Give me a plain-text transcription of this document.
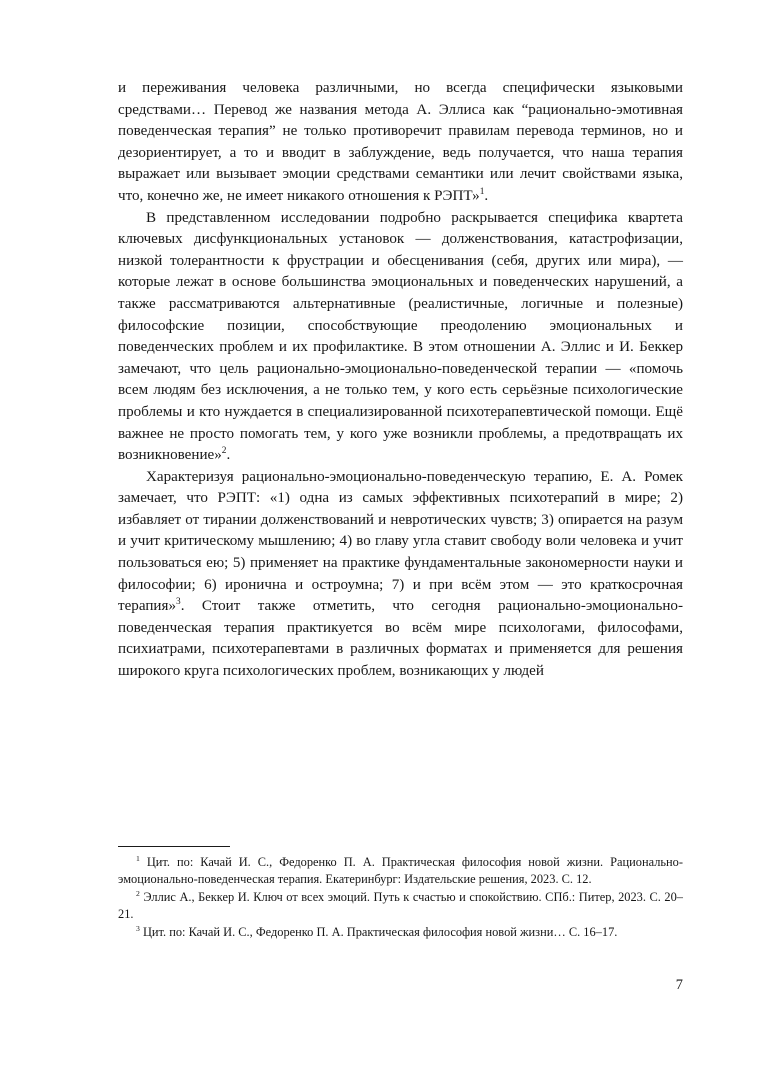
и переживания человека различными, но всегда специфически языковыми средствами… Перевод же названия метода А. Эллиса как “рационально-эмотивная поведенческая терапия” не только противоречит правилам перевода терминов, но и дезориентирует, а то и вводит в заблуждение, ведь получается, что наша терапия выражает или вызывает эмоции средствами семантики или лечит свойствами языка, что, конечно же, не имеет никакого отношения к РЭПТ»$^1$.

В представленном исследовании подробно раскрывается специфика квартета ключевых дисфункциональных установок — долженствования, катастрофизации, низкой толерантности к фрустрации и обесценивания (себя, других или мира), — которые лежат в основе большинства эмоциональных и поведенческих нарушений, а также рассматриваются альтернативные (реалистичные, логичные и полезные) философские позиции, способствующие преодолению эмоциональных и поведенческих проблем и их профилактике. В этом отношении А. Эллис и И. Беккер замечают, что цель рационально-эмоционально-поведенческой терапии — «помочь всем людям без исключения, а не только тем, у кого есть серьёзные психологические проблемы и кто нуждается в специализированной психотерапевтической помощи. Ещё важнее не просто помогать тем, у кого уже возникли проблемы, а предотвращать их возникновение»$^2$.

Характеризуя рационально-эмоционально-поведенческую терапию, Е. А. Ромек замечает, что РЭПТ: «1) одна из самых эффективных психотерапий в мире; 2) избавляет от тирании долженствований и невротических чувств; 3) опирается на разум и учит критическому мышлению; 4) во главу угла ставит свободу воли человека и учит пользоваться ею; 5) применяет на практике фундаментальные закономерности науки и философии; 6) иронична и остроумна; 7) и при всём этом — это краткосрочная терапия»$^3$. Стоит также отметить, что сегодня рационально-эмоционально-поведенческая терапия практикуется во всём мире психологами, философами, психиатрами, психотерапевтами в различных форматах и применяется для решения широкого круга психологических проблем, возникающих у людей

$^1$ Цит. по: Качай И. С., Федоренко П. А. Практическая философия новой жизни. Рационально-эмоционально-поведенческая терапия. Екатеринбург: Издательские решения, 2023. С. 12.

$^2$ Эллис А., Беккер И. Ключ от всех эмоций. Путь к счастью и спокойствию. СПб.: Питер, 2023. С. 20–21.

$^3$ Цит. по: Качай И. С., Федоренко П. А. Практическая философия новой жизни… С. 16–17.

7
